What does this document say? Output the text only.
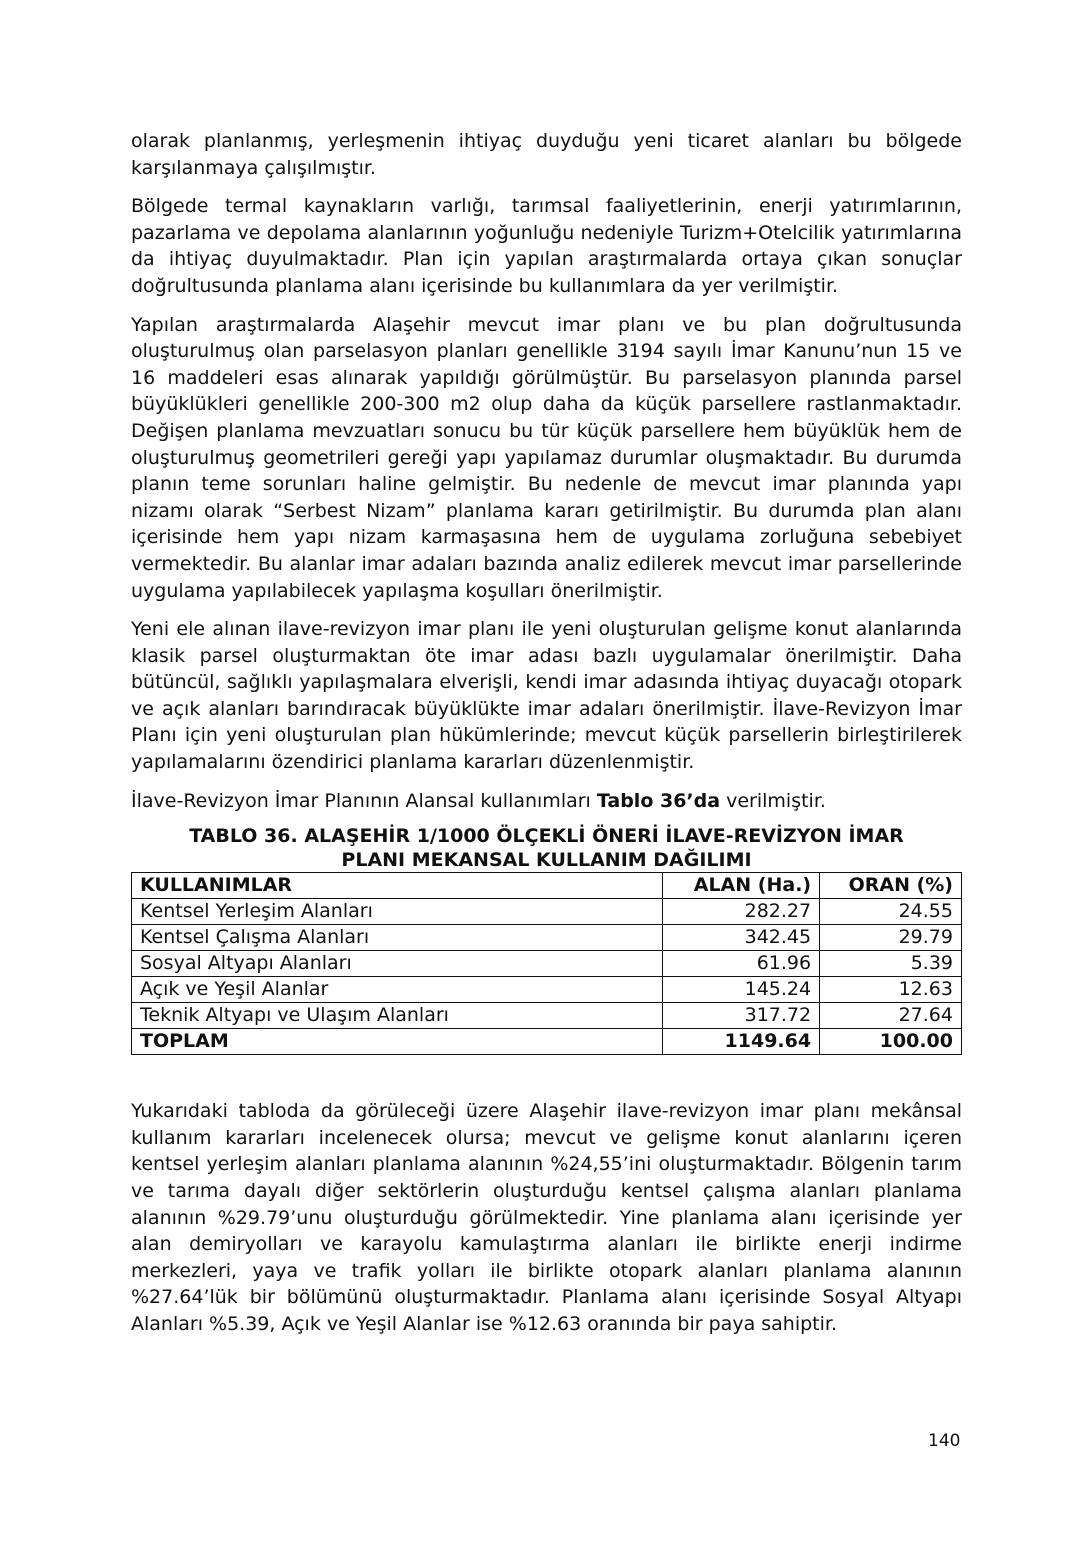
olarak planlanmış, yerleşmenin ihtiyaç duyduğu yeni ticaret alanları bu bölgede karşılanmaya çalışılmıştır.

Bölgede termal kaynakların varlığı, tarımsal faaliyetlerinin, enerji yatırımlarının, pazarlama ve depolama alanlarının yoğunluğu nedeniyle Turizm+Otelcilik yatırımlarına da ihtiyaç duyulmaktadır. Plan için yapılan araştırmalarda ortaya çıkan sonuçlar doğrultusunda planlama alanı içerisinde bu kullanımlara da yer verilmiştir.

Yapılan araştırmalarda Alaşehir mevcut imar planı ve bu plan doğrultusunda oluşturulmuş olan parselasyon planları genellikle 3194 sayılı İmar Kanunu’nun 15 ve 16 maddeleri esas alınarak yapıldığı görülmüştür. Bu parselasyon planında parsel büyüklükleri genellikle 200-300 m2 olup daha da küçük parsellere rastlanmaktadır. Değişen planlama mevzuatları sonucu bu tür küçük parsellere hem büyüklük hem de oluşturulmuş geometrileri gereği yapı yapılamaz durumlar oluşmaktadır. Bu durumda planın teme sorunları haline gelmiştir. Bu nedenle de mevcut imar planında yapı nizamı olarak “Serbest Nizam” planlama kararı getirilmiştir. Bu durumda plan alanı içerisinde hem yapı nizam karmaşasına hem de uygulama zorluğuna sebebiyet vermektedir. Bu alanlar imar adaları bazında analiz edilerek mevcut imar parsellerinde uygulama yapılabilecek yapılaşma koşulları önerilmiştir.

Yeni ele alınan ilave-revizyon imar planı ile yeni oluşturulan gelişme konut alanlarında klasik parsel oluşturmaktan öte imar adası bazlı uygulamalar önerilmiştir. Daha bütüncül, sağlıklı yapılaşmalara elverişli, kendi imar adasında ihtiyaç duyacağı otopark ve açık alanları barındıracak büyüklükte imar adaları önerilmiştir. İlave-Revizyon İmar Planı için yeni oluşturulan plan hükümlerinde; mevcut küçük parsellerin birleştirilerek yapılamalarını özendirici planlama kararları düzenlenmiştir.

İlave-Revizyon İmar Planının Alansal kullanımları Tablo 36’da verilmiştir.

TABLO 36. ALAŞEHİR 1/1000 ÖLÇEKLİ ÖNERİ İLAVE-REVİZYON İMAR
PLANI MEKANSAL KULLANIM DAĞILIMI
KULLANIMLAR	ALAN (Ha.)	ORAN (%)
Kentsel Yerleşim Alanları	282.27	24.55
Kentsel Çalışma Alanları	342.45	29.79
Sosyal Altyapı Alanları	61.96	5.39
Açık ve Yeşil Alanlar	145.24	12.63
Teknik Altyapı ve Ulaşım Alanları	317.72	27.64
TOPLAM	1149.64	100.00

Yukarıdaki tabloda da görüleceği üzere Alaşehir ilave-revizyon imar planı mekânsal kullanım kararları incelenecek olursa; mevcut ve gelişme konut alanlarını içeren kentsel yerleşim alanları planlama alanının %24,55’ini oluşturmaktadır. Bölgenin tarım ve tarıma dayalı diğer sektörlerin oluşturduğu kentsel çalışma alanları planlama alanının %29.79’unu oluşturduğu görülmektedir. Yine planlama alanı içerisinde yer alan demiryolları ve karayolu kamulaştırma alanları ile birlikte enerji indirme merkezleri, yaya ve trafik yolları ile birlikte otopark alanları planlama alanının %27.64’lük bir bölümünü oluşturmaktadır. Planlama alanı içerisinde Sosyal Altyapı Alanları %5.39, Açık ve Yeşil Alanlar ise %12.63 oranında bir paya sahiptir.

140
